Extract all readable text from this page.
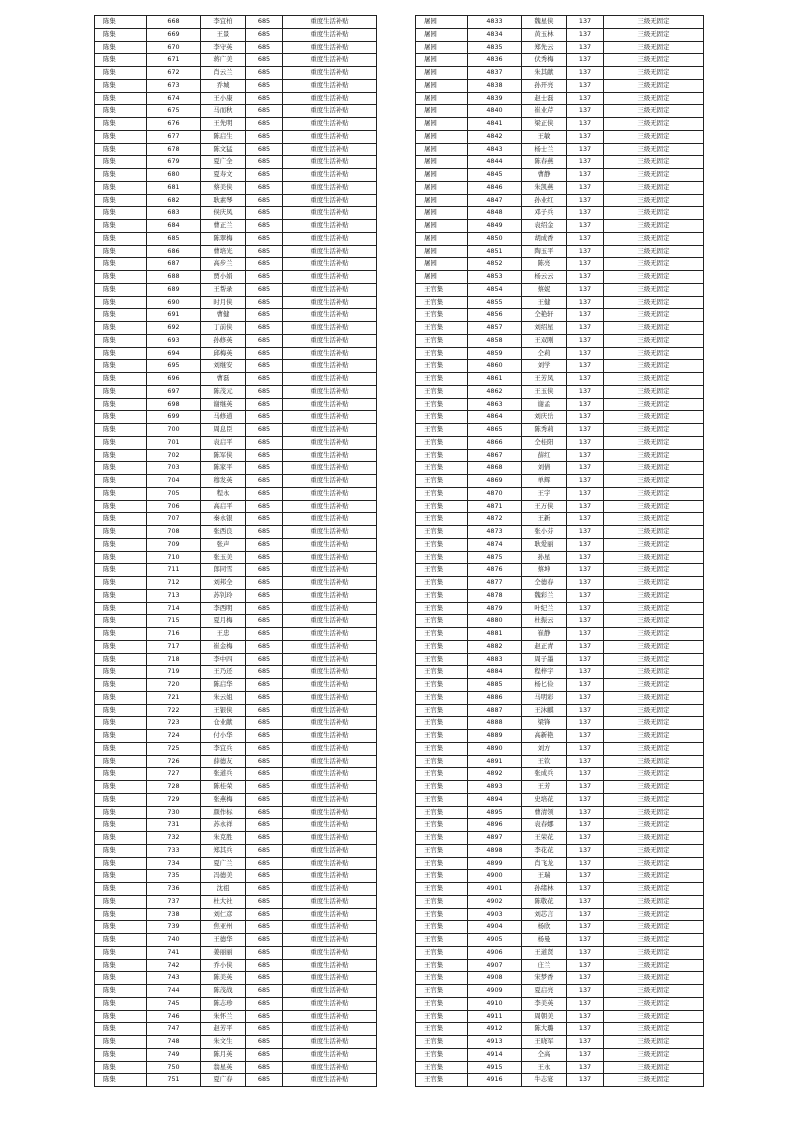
陈集	668	李宜柏	685	重度生活补贴
陈集	669	王景	685	重度生活补贴
陈集	670	李守英	685	重度生活补贴
陈集	671	蒋广美	685	重度生活补贴
陈集	672	肖云兰	685	重度生活补贴
陈集	673	乔城	685	重度生活补贴
陈集	674	王小康	685	重度生活补贴
陈集	675	马而秋	685	重度生活补贴
陈集	676	王先明	685	重度生活补贴
陈集	677	陈启生	685	重度生活补贴
陈集	678	陈文猛	685	重度生活补贴
陈集	679	夏广全	685	重度生活补贴
陈集	680	夏寿文	685	重度生活补贴
陈集	681	蔡美侠	685	重度生活补贴
陈集	682	耿素琴	685	重度生活补贴
陈集	683	侯庆凤	685	重度生活补贴
陈集	684	曹正兰	685	重度生活补贴
陈集	685	陈翠梅	685	重度生活补贴
陈集	686	曹培光	685	重度生活补贴
陈集	687	高步兰	685	重度生活补贴
陈集	688	贾小娟	685	重度生活补贴
陈集	689	王帮录	685	重度生活补贴
陈集	690	时月侠	685	重度生活补贴
陈集	691	曹健	685	重度生活补贴
陈集	692	丁前侠	685	重度生活补贴
陈集	693	孙修英	685	重度生活补贴
陈集	694	邱梅英	685	重度生活补贴
陈集	695	刘继安	685	重度生活补贴
陈集	696	曹磊	685	重度生活补贴
陈集	697	陈茂元	685	重度生活补贴
陈集	698	谢继英	685	重度生活补贴
陈集	699	马修道	685	重度生活补贴
陈集	700	周息臣	685	重度生活补贴
陈集	701	袁启平	685	重度生活补贴
陈集	702	陈军侠	685	重度生活补贴
陈集	703	陈家平	685	重度生活补贴
陈集	704	穆发英	685	重度生活补贴
陈集	705	程永	685	重度生活补贴
陈集	706	高启平	685	重度生活补贴
陈集	707	秦永银	685	重度生活补贴
陈集	708	张西良	685	重度生活补贴
陈集	709	张声	685	重度生活补贴
陈集	710	张玉美	685	重度生活补贴
陈集	711	郎同雪	685	重度生活补贴
陈集	712	刘邦全	685	重度生活补贴
陈集	713	苏钊玲	685	重度生活补贴
陈集	714	李西明	685	重度生活补贴
陈集	715	夏月梅	685	重度生活补贴
陈集	716	王忠	685	重度生活补贴
陈集	717	崔金梅	685	重度生活补贴
陈集	718	李中四	685	重度生活补贴
陈集	719	王乃还	685	重度生活补贴
陈集	720	陈启华	685	重度生活补贴
陈集	721	朱云姐	685	重度生活补贴
陈集	722	王银侠	685	重度生活补贴
陈集	723	仓业献	685	重度生活补贴
陈集	724	付小华	685	重度生活补贴
陈集	725	李宜兵	685	重度生活补贴
陈集	726	薛德友	685	重度生活补贴
陈集	727	张道兵	685	重度生活补贴
陈集	728	陈桂荣	685	重度生活补贴
陈集	729	张燕梅	685	重度生活补贴
陈集	730	颜作标	685	重度生活补贴
陈集	731	苏永祥	685	重度生活补贴
陈集	732	朱克胜	685	重度生活补贴
陈集	733	郑其兵	685	重度生活补贴
陈集	734	夏广兰	685	重度生活补贴
陈集	735	冯德美	685	重度生活补贴
陈集	736	沈祖	685	重度生活补贴
陈集	737	杜大社	685	重度生活补贴
陈集	738	刘仁彦	685	重度生活补贴
陈集	739	焦亚州	685	重度生活补贴
陈集	740	王德华	685	重度生活补贴
陈集	741	姜丽丽	685	重度生活补贴
陈集	742	乔小侠	685	重度生活补贴
陈集	743	陈美英	685	重度生活补贴
陈集	744	陈茂战	685	重度生活补贴
陈集	745	陈志珍	685	重度生活补贴
陈集	746	朱怀兰	685	重度生活补贴
陈集	747	赵芳平	685	重度生活补贴
陈集	748	朱文生	685	重度生活补贴
陈集	749	陈月英	685	重度生活补贴
陈集	750	翁星英	685	重度生活补贴
陈集	751	夏广春	685	重度生活补贴
屠园	4833	魏星侠	137	三级无固定
屠园	4834	黄玉林	137	三级无固定
屠园	4835	郑先云	137	三级无固定
屠园	4836	伏秀梅	137	三级无固定
屠园	4837	朱其献	137	三级无固定
屠园	4838	孙开亮	137	三级无固定
屠园	4839	赵士磊	137	三级无固定
屠园	4840	崔业芹	137	三级无固定
屠园	4841	梁正侠	137	三级无固定
屠园	4842	王敏	137	三级无固定
屠园	4843	杨士兰	137	三级无固定
屠园	4844	陈春燕	137	三级无固定
屠园	4845	曹静	137	三级无固定
屠园	4846	朱凯燕	137	三级无固定
屠园	4847	孙业红	137	三级无固定
屠园	4848	邓子兵	137	三级无固定
屠园	4849	袁绍金	137	三级无固定
屠园	4850	胡成香	137	三级无固定
屠园	4851	陶玉平	137	三级无固定
屠园	4852	陈亮	137	三级无固定
屠园	4853	杨云云	137	三级无固定
王官集	4854	蔡妮	137	三级无固定
王官集	4855	王健	137	三级无固定
王官集	4856	仝艳轩	137	三级无固定
王官集	4857	刘绍星	137	三级无固定
王官集	4858	王双刚	137	三级无固定
王官集	4859	仝莉	137	三级无固定
王官集	4860	刘学	137	三级无固定
王官集	4861	王芳凤	137	三级无固定
王官集	4862	王玉侠	137	三级无固定
王官集	4863	谢孟	137	三级无固定
王官集	4864	刘庆岳	137	三级无固定
王官集	4865	陈秀莉	137	三级无固定
王官集	4866	仝桂阳	137	三级无固定
王官集	4867	薛红	137	三级无固定
王官集	4868	刘倩	137	三级无固定
王官集	4869	单辉	137	三级无固定
王官集	4870	王宇	137	三级无固定
王官集	4871	王万侠	137	三级无固定
王官集	4872	王新	137	三级无固定
王官集	4873	张小芬	137	三级无固定
王官集	4874	耿爱丽	137	三级无固定
王官集	4875	孙星	137	三级无固定
王官集	4876	蔡坤	137	三级无固定
王官集	4877	仝德春	137	三级无固定
王官集	4878	魏彩兰	137	三级无固定
王官集	4879	叶纪兰	137	三级无固定
王官集	4880	杜振云	137	三级无固定
王官集	4881	崔静	137	三级无固定
王官集	4882	赵正青	137	三级无固定
王官集	4883	周子墨	137	三级无固定
王官集	4884	程梓宇	137	三级无固定
王官集	4885	杨匕俭	137	三级无固定
王官集	4886	马明彩	137	三级无固定
王官集	4887	王沐麒	137	三级无固定
王官集	4888	梁锋	137	三级无固定
王官集	4889	高新艳	137	三级无固定
王官集	4890	刘方	137	三级无固定
王官集	4891	王钦	137	三级无固定
王官集	4892	张成兵	137	三级无固定
王官集	4893	王芳	137	三级无固定
王官集	4894	史培花	137	三级无固定
王官集	4895	曹清领	137	三级无固定
王官集	4896	袁春娜	137	三级无固定
王官集	4897	王荣花	137	三级无固定
王官集	4898	李花花	137	三级无固定
王官集	4899	肖飞龙	137	三级无固定
王官集	4900	王瑞	137	三级无固定
王官集	4901	孙绪林	137	三级无固定
王官集	4902	陈敬花	137	三级无固定
王官集	4903	刘芯言	137	三级无固定
王官集	4904	杨欣	137	三级无固定
王官集	4905	杨曼	137	三级无固定
王官集	4906	王道贤	137	三级无固定
王官集	4907	庄兰	137	三级无固定
王官集	4908	宋梦香	137	三级无固定
王官集	4909	夏启亮	137	三级无固定
王官集	4910	李美英	137	三级无固定
王官集	4911	周朝美	137	三级无固定
王官集	4912	陈大璐	137	三级无固定
王官集	4913	王晓军	137	三级无固定
王官集	4914	仝高	137	三级无固定
王官集	4915	王永	137	三级无固定
王官集	4916	牛志宴	137	三级无固定
